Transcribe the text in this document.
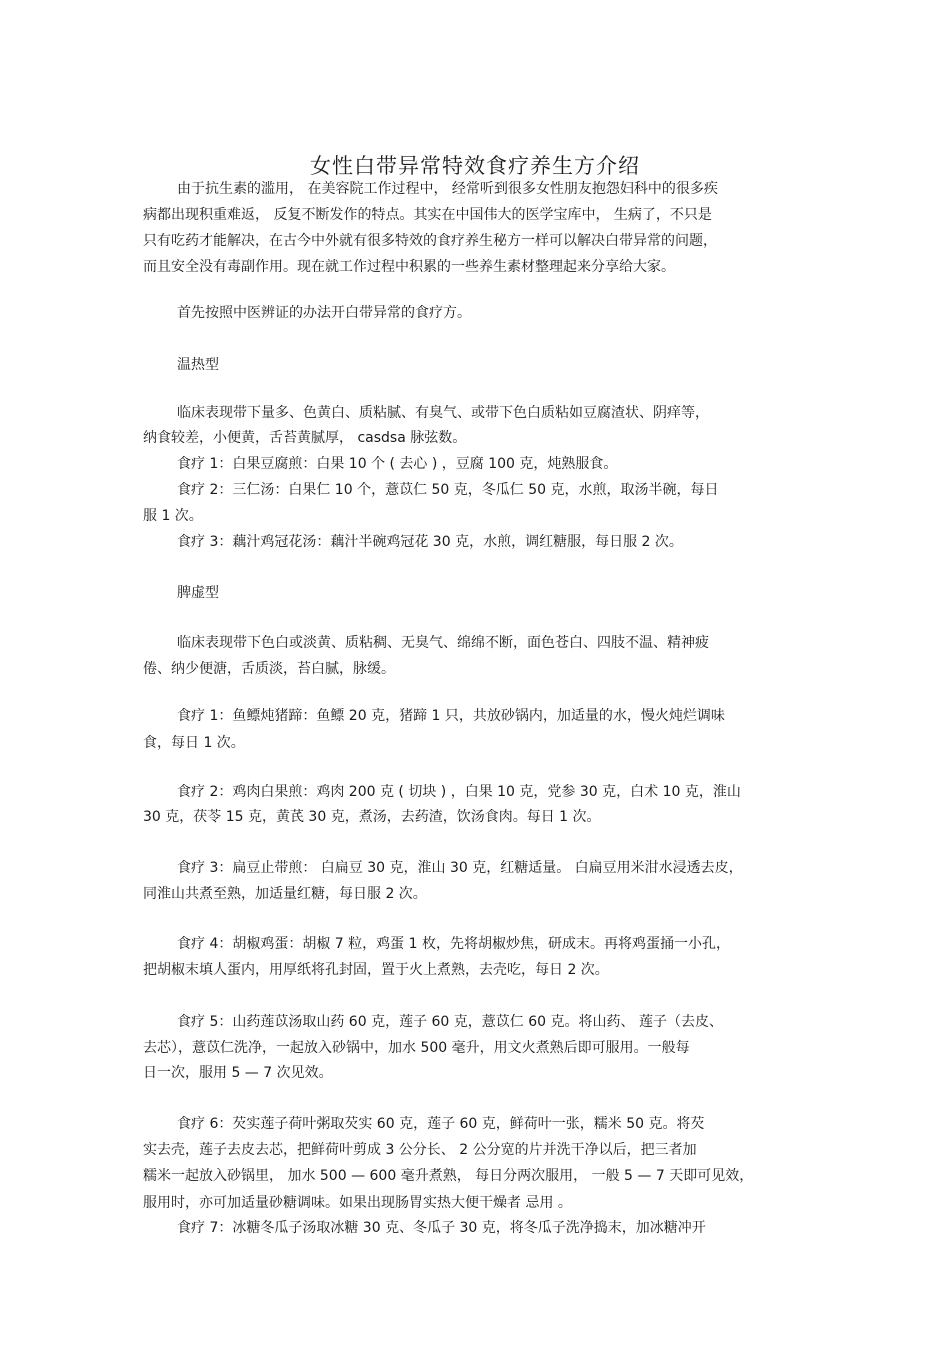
女性白带异常特效食疗养生方介绍
由于抗生素的滥用， 在美容院工作过程中， 经常听到很多女性朋友抱怨妇科中的很多疾
病都出现积重难返， 反复不断发作的特点。其实在中国伟大的医学宝库中， 生病了，不只是
只有吃药才能解决，在古今中外就有很多特效的食疗养生秘方一样可以解决白带异常的问题，
而且安全没有毒副作用。现在就工作过程中积累的一些养生素材整理起来分享给大家。
首先按照中医辨证的办法开白带异常的食疗方。
温热型
临床表现带下量多、色黄白、质粘腻、有臭气、或带下色白质粘如豆腐渣状、阴痒等，
纳食较差，小便黄，舌苔黄腻厚， casdsa 脉弦数。
食疗 1：白果豆腐煎：白果 10 个 ( 去心 ) ，豆腐 100 克，炖熟服食。
食疗 2：三仁汤：白果仁 10 个，薏苡仁 50 克，冬瓜仁 50 克，水煎，取汤半碗，每日
服 1 次。
食疗 3：藕汁鸡冠花汤：藕汁半碗鸡冠花 30 克，水煎，调红糖服，每日服 2 次。
脾虚型
临床表现带下色白或淡黄、质粘稠、无臭气、绵绵不断，面色苍白、四肢不温、精神疲
倦、纳少便溏，舌质淡，苔白腻，脉缓。
食疗 1：鱼鳔炖猪蹄：鱼鳔 20 克，猪蹄 1 只，共放砂锅内，加适量的水，慢火炖烂调味
食，每日 1 次。
食疗 2：鸡肉白果煎：鸡肉 200 克 ( 切块 ) ，白果 10 克，党参 30 克，白术 10 克，淮山
30 克，茯苓 15 克，黄芪 30 克，煮汤，去药渣，饮汤食肉。每日 1 次。
食疗 3：扁豆止带煎： 白扁豆 30 克，淮山 30 克，红糖适量。 白扁豆用米泔水浸透去皮，
同淮山共煮至熟，加适量红糖，每日服 2 次。
食疗 4：胡椒鸡蛋：胡椒 7 粒，鸡蛋 1 枚，先将胡椒炒焦，研成末。再将鸡蛋捅一小孔，
把胡椒末填人蛋内，用厚纸将孔封固，置于火上煮熟，去壳吃，每日 2 次。
食疗 5：山药莲苡汤取山药 60 克，莲子 60 克，薏苡仁 60 克。将山药、 莲子（去皮、
去芯），薏苡仁洗净，一起放入砂锅中，加水 500 毫升，用文火煮熟后即可服用。一般每
日一次，服用 5 — 7 次见效。
食疗 6：芡实莲子荷叶粥取芡实 60 克，莲子 60 克，鲜荷叶一张，糯米 50 克。将芡
实去壳，莲子去皮去芯，把鲜荷叶剪成 3 公分长、 2 公分宽的片并洗干净以后，把三者加
糯米一起放入砂锅里， 加水 500 — 600 毫升煮熟， 每日分两次服用， 一般 5 — 7 天即可见效，
服用时，亦可加适量砂糖调味。如果出现肠胃实热大便干燥者 忌用 。
食疗 7：冰糖冬瓜子汤取冰糖 30 克、冬瓜子 30 克，将冬瓜子洗净捣末，加冰糖冲开
